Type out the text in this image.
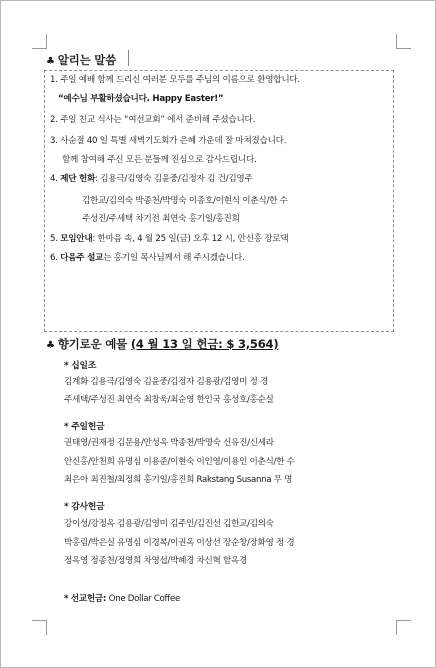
♣ 알리는 말씀
1. 주일 예배 함께 드리신 여러분 모두를 주님의 이름으로 환영합니다.
“예수님 부활하셨습니다. Happy Easter!”
2. 주일 친교 식사는 “여선교회” 에서 준비해 주셨습니다.
3. 사순절 40 일 특별 새벽기도회가 은혜 가운데 잘 마쳐졌습니다.
함께 참여해 주신 모든 분들께 진심으로 감사드립니다.
4. 제단 헌화: 김용극/김영숙 김윤중/김정자 김 건/김영주
김한교/김의숙 박종천/박명숙 이종호/이현식 이춘식/한 수
주성진/주세택 차기전 최연숙 홍기일/홍진희
5. 모임안내: 한마음 속, 4 월 25 일(금) 오후 12 시, 안신홍 장로댁
6. 다음주 설교는 홍기일 목사님께서 해 주시겠습니다.
♣ 향기로운 예물 (4 월 13 일 헌금: $ 3,564)
* 십일조
김계화 김용극/김영숙 김윤중/김정자 김용광/김영미 정 경
주세택/주성진 최연숙 최창욱/최순영 한인국 홍성호/홍순실
* 주일헌금
권태영/권재정 김문용/안성옥 박종천/박명숙 신유진/신세라
안신홍/안천희 유명심 이용준/이현숙 이인영/이용인 이춘식/한 수
최은아 최진철/최정희 홍기일/홍진희 Rakstang Susanna 무 명
* 감사헌금
강이성/강정옥 김용광/김영미 김주인/김진선 김한교/김의숙
박홍림/박은실 유명심 이경복/이권옥 이상선 장순창/장화영 정 경
정옥영 정종천/정영희 차영섭/박혜경 차신혁 함옥경
* 선교헌금: One Dollar Coffee
